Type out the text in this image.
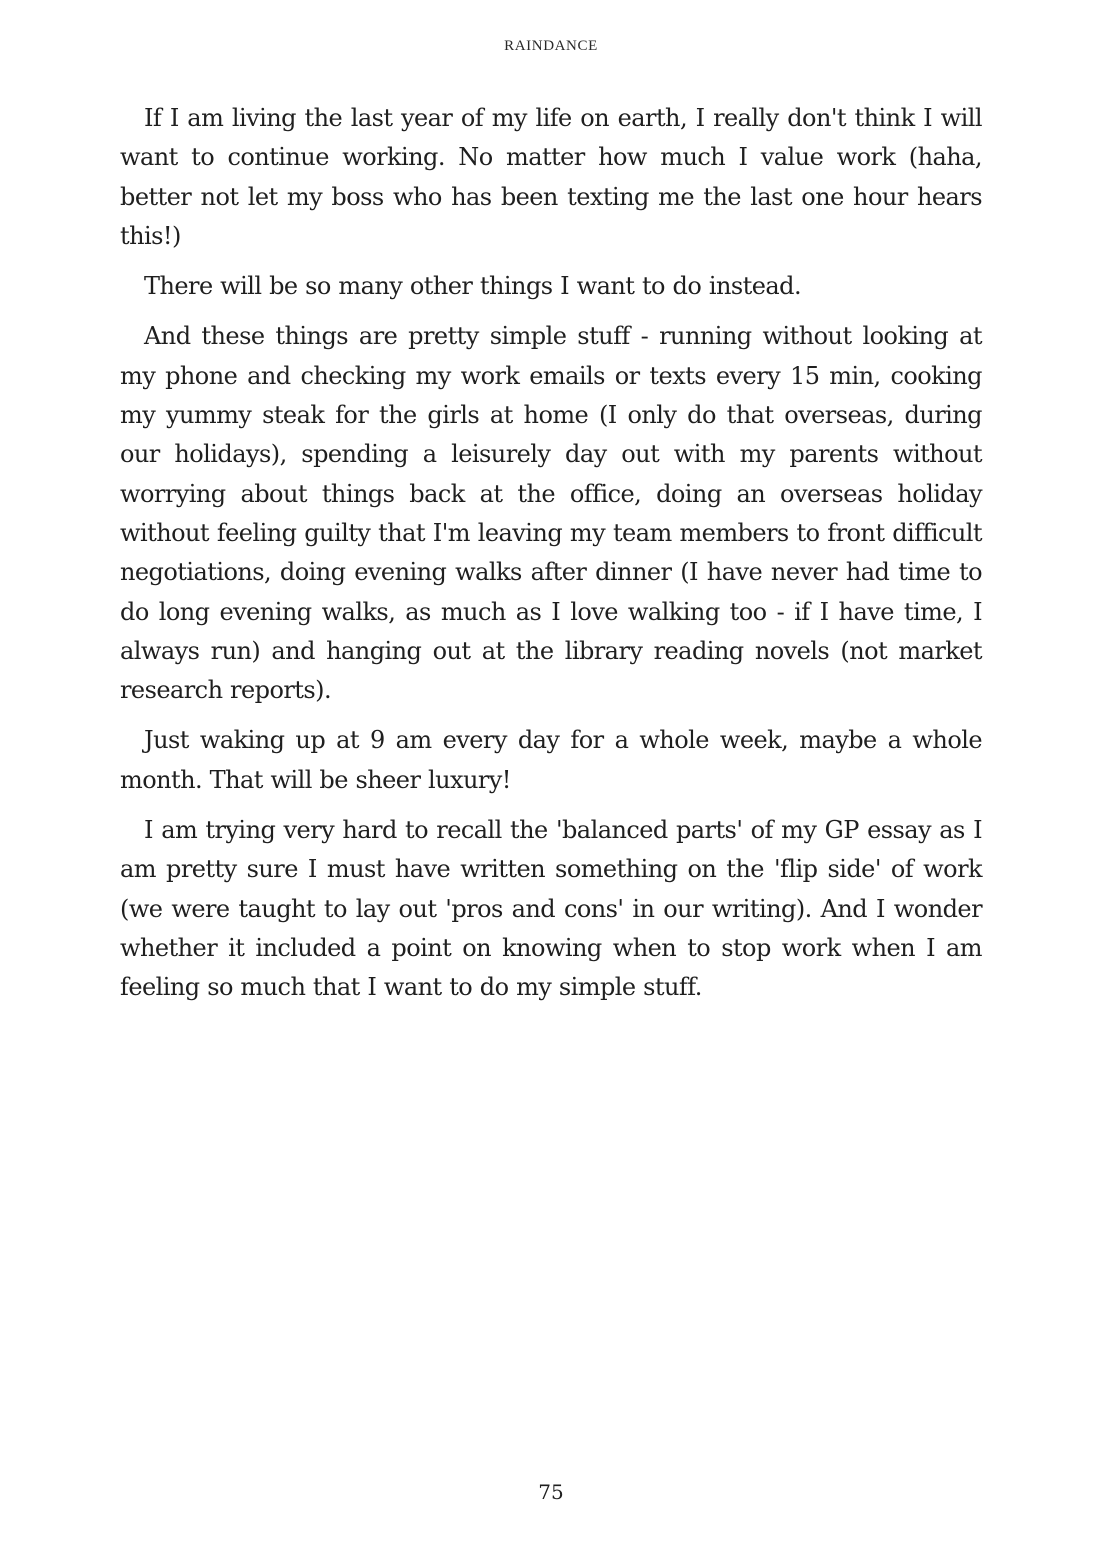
RAINDANCE

If I am living the last year of my life on earth, I really don't think I will want to continue working. No matter how much I value work (haha, better not let my boss who has been texting me the last one hour hears this!)

There will be so many other things I want to do instead.

And these things are pretty simple stuff - running without looking at my phone and checking my work emails or texts every 15 min, cooking my yummy steak for the girls at home (I only do that overseas, during our holidays), spending a leisurely day out with my parents without worrying about things back at the office, doing an overseas holiday without feeling guilty that I'm leaving my team members to front difficult negotiations, doing evening walks after dinner (I have never had time to do long evening walks, as much as I love walking too - if I have time, I always run) and hanging out at the library reading novels (not market research reports).

Just waking up at 9 am every day for a whole week, maybe a whole month. That will be sheer luxury!

I am trying very hard to recall the 'balanced parts' of my GP essay as I am pretty sure I must have written something on the 'flip side' of work (we were taught to lay out 'pros and cons' in our writing). And I wonder whether it included a point on knowing when to stop work when I am feeling so much that I want to do my simple stuff.

75
